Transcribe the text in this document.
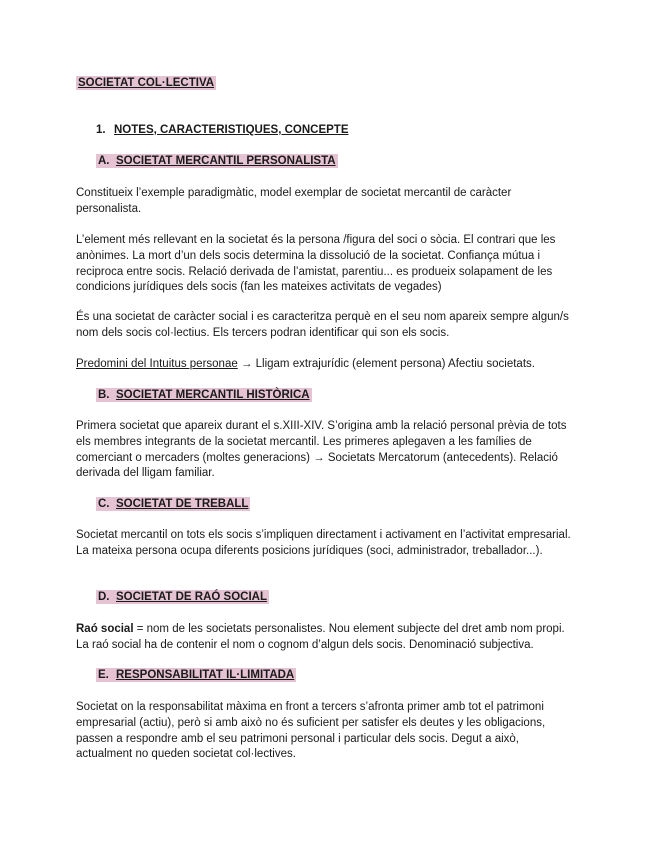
SOCIETAT COL·LECTIVA
1. NOTES, CARACTERISTIQUES, CONCEPTE
A. SOCIETAT MERCANTIL PERSONALISTA

Constitueix l’exemple paradigmàtic, model exemplar de societat mercantil de caràcter personalista.

L’element més rellevant en la societat és la persona /figura del soci o sòcia. El contrari que les anònimes. La mort d’un dels socis determina la dissolució de la societat. Confiança mútua i reciproca entre socis. Relació derivada de l’amistat, parentiu... es produeix solapament de les condicions jurídiques dels socis (fan les mateixes activitats de vegades)

És una societat de caràcter social i es caracteritza perquè en el seu nom apareix sempre algun/s nom dels socis col·lectius. Els tercers podran identificar qui son els socis.

Predomini del Intuitus personae → Lligam extrajurídic (element persona) Afectiu societats.

B. SOCIETAT MERCANTIL HISTÒRICA

Primera societat que apareix durant el s.XIII-XIV. S’origina amb la relació personal prèvia de tots els membres integrants de la societat mercantil. Les primeres aplegaven a les famílies de comerciant o mercaders (moltes generacions) → Societats Mercatorum (antecedents). Relació derivada del lligam familiar.

C. SOCIETAT DE TREBALL

Societat mercantil on tots els socis s’impliquen directament i activament en l’activitat empresarial. La mateixa persona ocupa diferents posicions jurídiques (soci, administrador, treballador...).

D. SOCIETAT DE RAÓ SOCIAL

Raó social = nom de les societats personalistes. Nou element subjecte del dret amb nom propi. La raó social ha de contenir el nom o cognom d’algun dels socis. Denominació subjectiva.

E. RESPONSABILITAT IL·LIMITADA

Societat on la responsabilitat màxima en front a tercers s’afronta primer amb tot el patrimoni empresarial (actiu), però si amb això no és suficient per satisfer els deutes y les obligacions, passen a respondre amb el seu patrimoni personal i particular dels socis. Degut a això, actualment no queden societat col·lectives.
